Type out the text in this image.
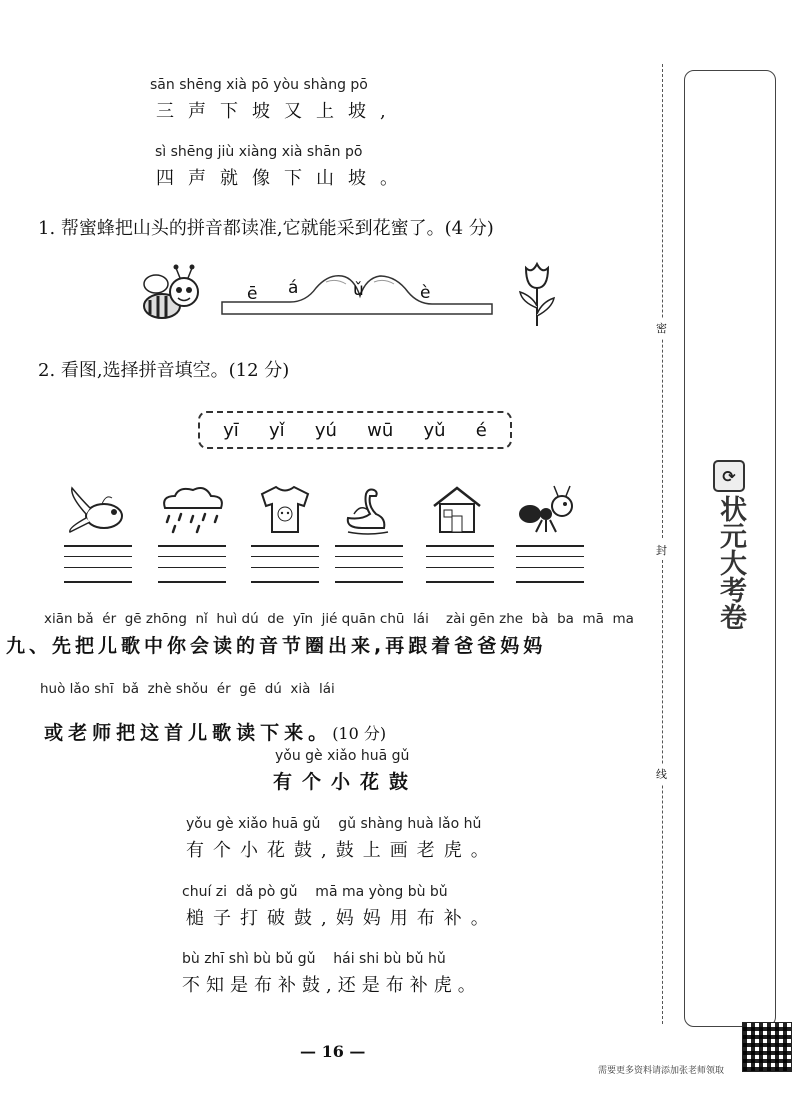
sān shēng xià pō yòu shàng pō
三声下坡又上坡,
sì shēng jiù xiàng xià shān pō
四声就像下山坡。
1. 帮蜜蜂把山头的拼音都读准,它就能采到花蜜了。(4 分)
ē á	ǔ	è
2. 看图,选择拼音填空。(12 分)
yī yǐ yú wū yǔ é
xiān bǎ  ér  gē zhōng  nǐ  huì dú  de  yīn  jié quān chū  lái    zài gēn zhe  bà  ba  mā  ma
九、先把儿歌中你会读的音节圈出来,再跟着爸爸妈妈
huò lǎo shī  bǎ  zhè shǒu  ér  gē  dú  xià  lái

或老师把这首儿歌读下来。(10 分)

yǒu gè xiǎo huā gǔ
有个小花鼓
yǒu gè xiǎo huā gǔ    gǔ shàng huà lǎo hǔ
有个小花鼓,鼓上画老虎。
chuí zi  dǎ pò gǔ    mā ma yòng bù bǔ
槌子打破鼓,妈妈用布补。
bù zhī shì bù bǔ gǔ    hái shi bù bǔ hǔ
不知是布补鼓,还是布补虎。
密
封
线
⟳
状元大考卷
— 16 —
需要更多资料请添加张老师领取
